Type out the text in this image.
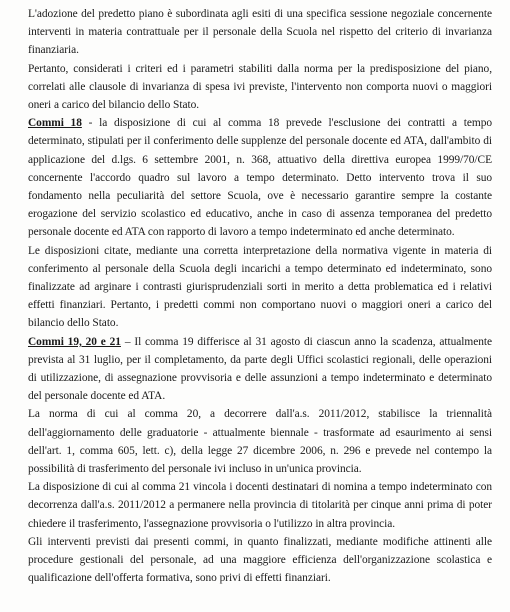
L'adozione del predetto piano è subordinata agli esiti di una specifica sessione negoziale concernente interventi in materia contrattuale per il personale della Scuola nel rispetto del criterio di invarianza finanziaria.

Pertanto, considerati i criteri ed i parametri stabiliti dalla norma per la predisposizione del piano, correlati alle clausole di invarianza di spesa ivi previste, l'intervento non comporta nuovi o maggiori oneri a carico del bilancio dello Stato.

Commi 18 - la disposizione di cui al comma 18 prevede l'esclusione dei contratti a tempo determinato, stipulati per il conferimento delle supplenze del personale docente ed ATA, dall'ambito di applicazione del d.lgs. 6 settembre 2001, n. 368, attuativo della direttiva europea 1999/70/CE concernente l'accordo quadro sul lavoro a tempo determinato. Detto intervento trova il suo fondamento nella peculiarità del settore Scuola, ove è necessario garantire sempre la costante erogazione del servizio scolastico ed educativo, anche in caso di assenza temporanea del predetto personale docente ed ATA con rapporto di lavoro a tempo indeterminato ed anche determinato.

Le disposizioni citate, mediante una corretta interpretazione della normativa vigente in materia di conferimento al personale della Scuola degli incarichi a tempo determinato ed indeterminato, sono finalizzate ad arginare i contrasti giurisprudenziali sorti in merito a detta problematica ed i relativi effetti finanziari. Pertanto, i predetti commi non comportano nuovi o maggiori oneri a carico del bilancio dello Stato.

Commi 19, 20 e 21 – Il comma 19 differisce al 31 agosto di ciascun anno la scadenza, attualmente prevista al 31 luglio, per il completamento, da parte degli Uffici scolastici regionali, delle operazioni di utilizzazione, di assegnazione provvisoria e delle assunzioni a tempo indeterminato e determinato del personale docente ed ATA.

La norma di cui al comma 20, a decorrere dall'a.s. 2011/2012, stabilisce la triennalità dell'aggiornamento delle graduatorie - attualmente biennale - trasformate ad esaurimento ai sensi dell'art. 1, comma 605, lett. c), della legge 27 dicembre 2006, n. 296 e prevede nel contempo la possibilità di trasferimento del personale ivi incluso in un'unica provincia.

La disposizione di cui al comma 21 vincola i docenti destinatari di nomina a tempo indeterminato con decorrenza dall'a.s. 2011/2012 a permanere nella provincia di titolarità per cinque anni prima di poter chiedere il trasferimento, l'assegnazione provvisoria o l'utilizzo in altra provincia.

Gli interventi previsti dai presenti commi, in quanto finalizzati, mediante modifiche attinenti alle procedure gestionali del personale, ad una maggiore efficienza dell'organizzazione scolastica e qualificazione dell'offerta formativa, sono privi di effetti finanziari.
